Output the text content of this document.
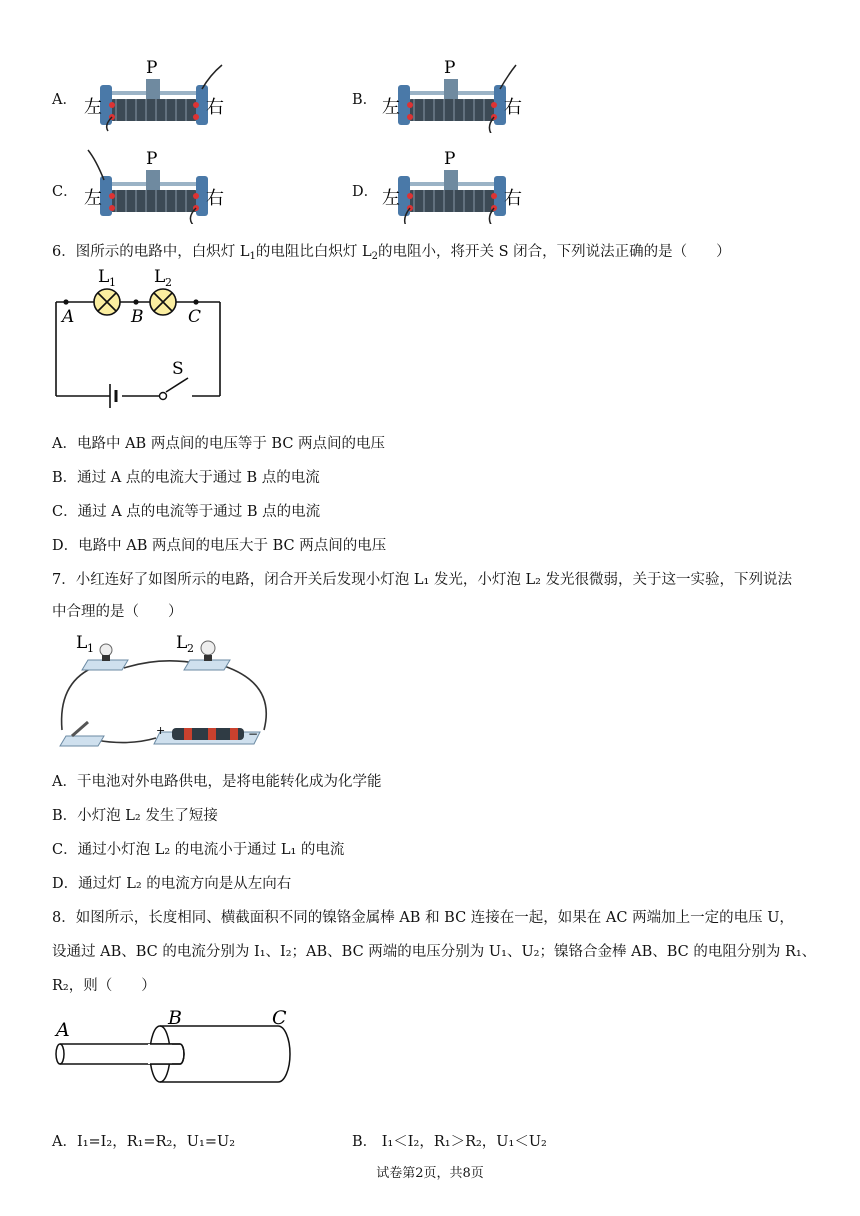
A．
P
左	右	B．
P
左	右
C．
P
左	右	D．
P
左	右
6．图所示的电路中，白炽灯 $L_1$的电阻比白炽灯 $L_2$的电阻小，将开关 S 闭合，下列说法正确的是（　　）
L 1 L 2
A	B	C
S
A．电路中 AB 两点间的电压等于 BC 两点间的电压
B．通过 A 点的电流大于通过 B 点的电流
C．通过 A 点的电流等于通过 B 点的电流
D．电路中 AB 两点间的电压大于 BC 两点间的电压
7．小红连好了如图所示的电路，闭合开关后发现小灯泡 L₁ 发光，小灯泡 L₂ 发光很微弱，关于这一实验，下列说法
中合理的是（　　）
L 1	L 2
+	−
A．干电池对外电路供电，是将电能转化成为化学能
B．小灯泡 L₂ 发生了短接
C．通过小灯泡 L₂ 的电流小于通过 L₁ 的电流
D．通过灯 L₂ 的电流方向是从左向右
8．如图所示，长度相同、横截面积不同的镍铬金属棒 AB 和 BC 连接在一起，如果在 AC 两端加上一定的电压 U，
设通过 AB、BC 的电流分别为 I₁、I₂；AB、BC 两端的电压分别为 U₁、U₂；镍铬合金棒 AB、BC 的电阻分别为 R₁、
R₂，则（　　）
A
B	C
A．I₁=I₂，R₁=R₂，U₁=U₂	B． I₁＜I₂，R₁＞R₂，U₁＜U₂
试卷第2页，共8页
